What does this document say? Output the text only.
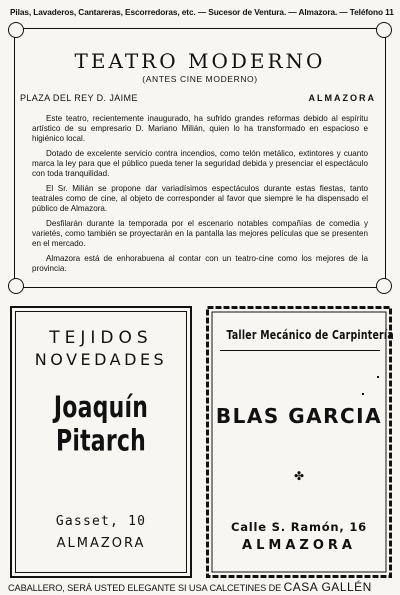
Pilas, Lavaderos, Cantareras, Escorredoras, etc. — Sucesor de Ventura. — Almazora. — Teléfono 11
TEATRO MODERNO
(ANTES CINE MODERNO)
PLAZA DEL REY D. JAIME	ALMAZORA

Este teatro, recientemente inaugurado, ha sufrido grandes reformas debido al espíritu artístico de su empresario D. Mariano Milián, quien lo ha transformado en espacioso e higiénico local.

Dotado de excelente servicio contra incendios, como telón metálico, extintores y cuanto marca la ley para que el público pueda tener la seguridad debida y presenciar el espectáculo con toda tranquilidad.

El Sr. Milián se propone dar variadísimos espectáculos durante estas fiestas, tanto teatrales como de cine, al objeto de corresponder al favor que siempre le ha dispensado el público de Almazora.

Desfilarán durante la temporada por el escenario notables compañías de comedia y varietés, como también se proyectarán en la pantalla las mejores películas que se presenten en el mercado.

Almazora está de enhorabuena al contar con un teatro-cine como los mejores de la provincia.

TEJIDOS
NOVEDADES
Joaquín Pitarch
Gasset, 10
ALMAZORA
Taller Mecánico de Carpintería
BLAS GARCIA
✤
Calle S. Ramón, 16
ALMAZORA
CABALLERO, SERÁ USTED ELEGANTE SI USA CALCETINES DE CASA GALLÉN
